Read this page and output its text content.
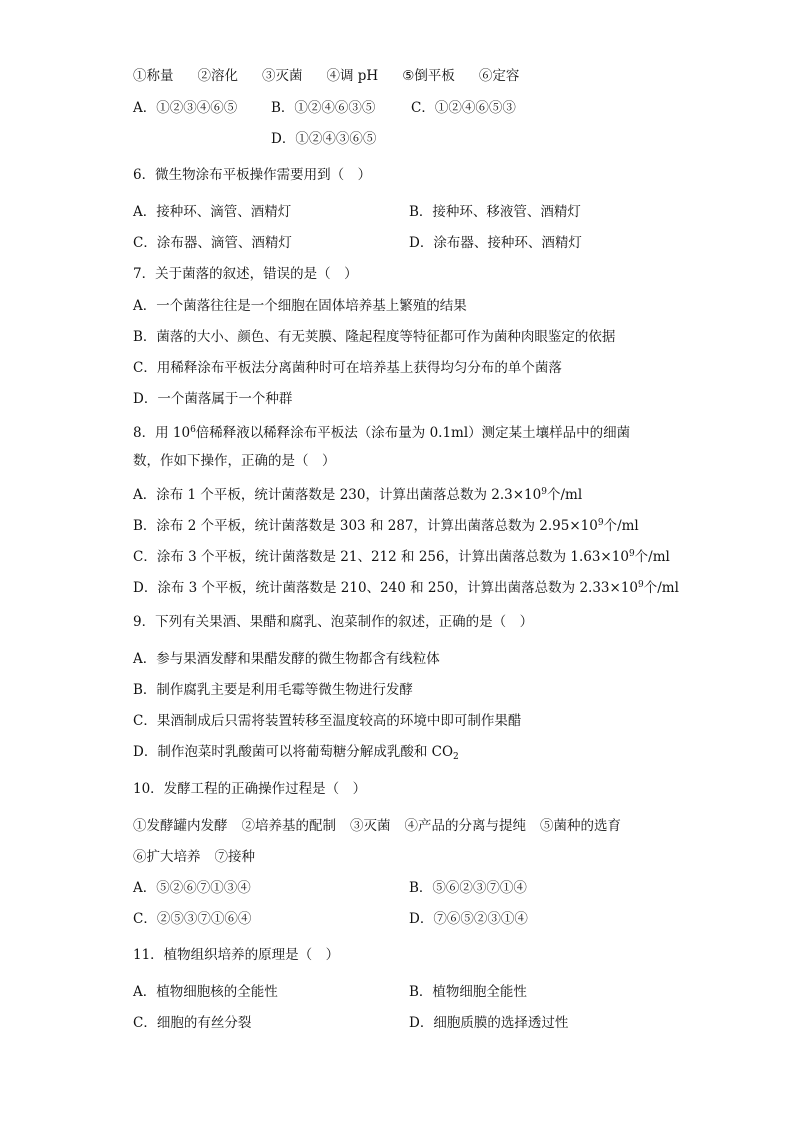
①称量 ②溶化 ③灭菌 ④调 pH ⑤倒平板 ⑥定容
A．①②③④⑥⑤	B．①②④⑥③⑤	C．①②④⑥⑤③
D．①②④③⑥⑤
6．微生物涂布平板操作需要用到（　）
A．接种环、滴管、酒精灯	B．接种环、移液管、酒精灯
C．涂布器、滴管、酒精灯	D．涂布器、接种环、酒精灯
7．关于菌落的叙述，错误的是（　）
A．一个菌落往往是一个细胞在固体培养基上繁殖的结果
B．菌落的大小、颜色、有无荚膜、隆起程度等特征都可作为菌种肉眼鉴定的依据
C．用稀释涂布平板法分离菌种时可在培养基上获得均匀分布的单个菌落
D．一个菌落属于一个种群
8．用 $10^6$倍稀释液以稀释涂布平板法（涂布量为 0.1ml）测定某土壤样品中的细菌
数，作如下操作，正确的是（　）
A．涂布 1 个平板，统计菌落数是 230，计算出菌落总数为 $2.3\times 10^9$个/ml
B．涂布 2 个平板，统计菌落数是 303 和 287，计算出菌落总数为 $2.95\times 10^9$个/ml
C．涂布 3 个平板，统计菌落数是 21、212 和 256，计算出菌落总数为 $1.63\times 10^9$个/ml
D．涂布 3 个平板，统计菌落数是 210、240 和 250，计算出菌落总数为 $2.33\times 10^9$个/ml
9．下列有关果酒、果醋和腐乳、泡菜制作的叙述，正确的是（　）
A．参与果酒发酵和果醋发酵的微生物都含有线粒体
B．制作腐乳主要是利用毛霉等微生物进行发酵
C．果酒制成后只需将装置转移至温度较高的环境中即可制作果醋
D．制作泡菜时乳酸菌可以将葡萄糖分解成乳酸和 $CO_2$
10．发酵工程的正确操作过程是（　）
①发酵罐内发酵 ②培养基的配制 ③灭菌 ④产品的分离与提纯 ⑤菌种的选育
⑥扩大培养 ⑦接种
A．⑤②⑥⑦①③④	B．⑤⑥②③⑦①④
C．②⑤③⑦①⑥④	D．⑦⑥⑤②③①④
11．植物组织培养的原理是（　）
A．植物细胞核的全能性	B．植物细胞全能性
C．细胞的有丝分裂	D．细胞质膜的选择透过性
